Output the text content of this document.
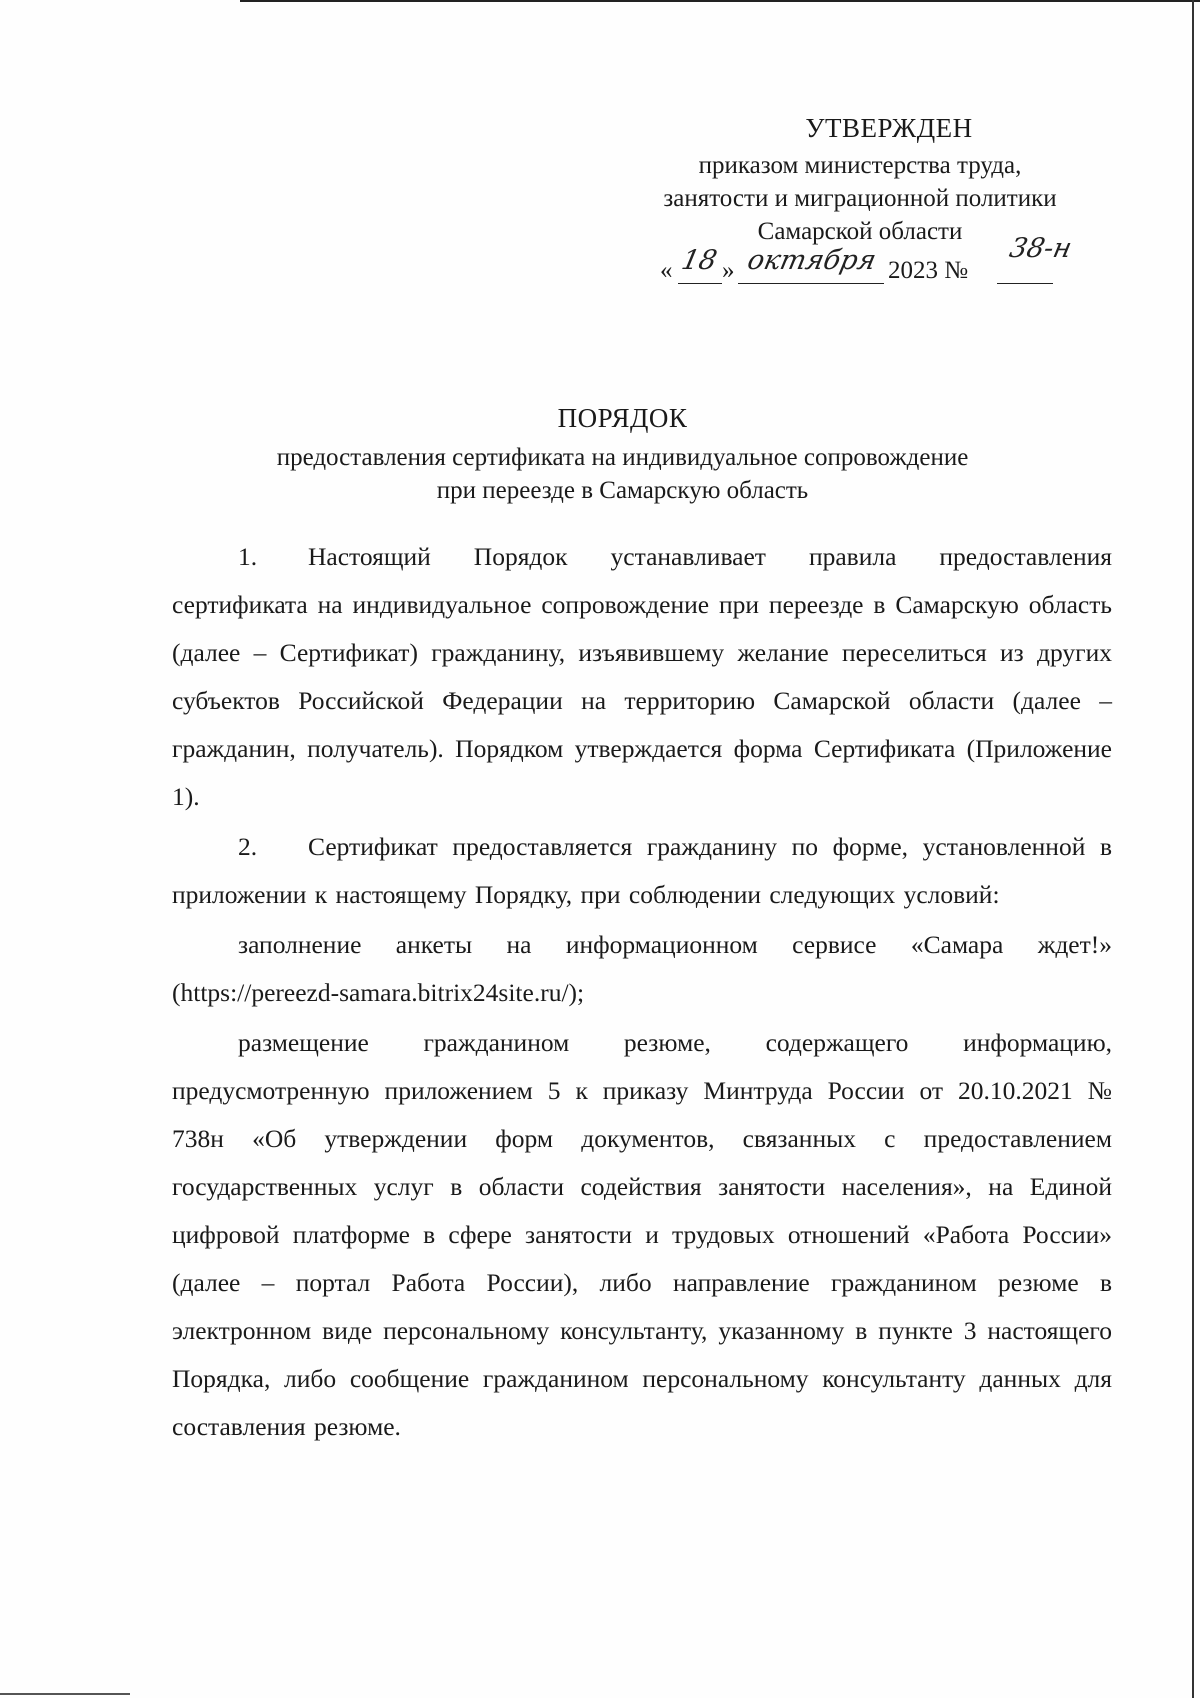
УТВЕРЖДЕН
приказом министерства труда,
занятости и миграционной политики
Самарской области
« 18 » октября 2023 №
38-н
ПОРЯДОК
предоставления сертификата на индивидуальное сопровождение
при переезде в Самарскую область

1. Настоящий Порядок устанавливает правила предоставления сертификата на индивидуальное сопровождение при переезде в Самарскую область (далее – Сертификат) гражданину, изъявившему желание переселиться из других субъектов Российской Федерации на территорию Самарской области (далее – гражданин, получатель). Порядком утверждается форма Сертификата (Приложение 1).

2. Сертификат предоставляется гражданину по форме, установленной в приложении к настоящему Порядку, при соблюдении следующих условий:

заполнение анкеты на информационном сервисе «Самара ждет!» (https://pereezd-samara.bitrix24site.ru/);

размещение гражданином резюме, содержащего информацию, предусмотренную приложением 5 к приказу Минтруда России от 20.10.2021 № 738н «Об утверждении форм документов, связанных с предоставлением государственных услуг в области содействия занятости населения», на Единой цифровой платформе в сфере занятости и трудовых отношений «Работа России» (далее – портал Работа России), либо направление гражданином резюме в электронном виде персональному консультанту, указанному в пункте 3 настоящего Порядка, либо сообщение гражданином персональному консультанту данных для составления резюме.
